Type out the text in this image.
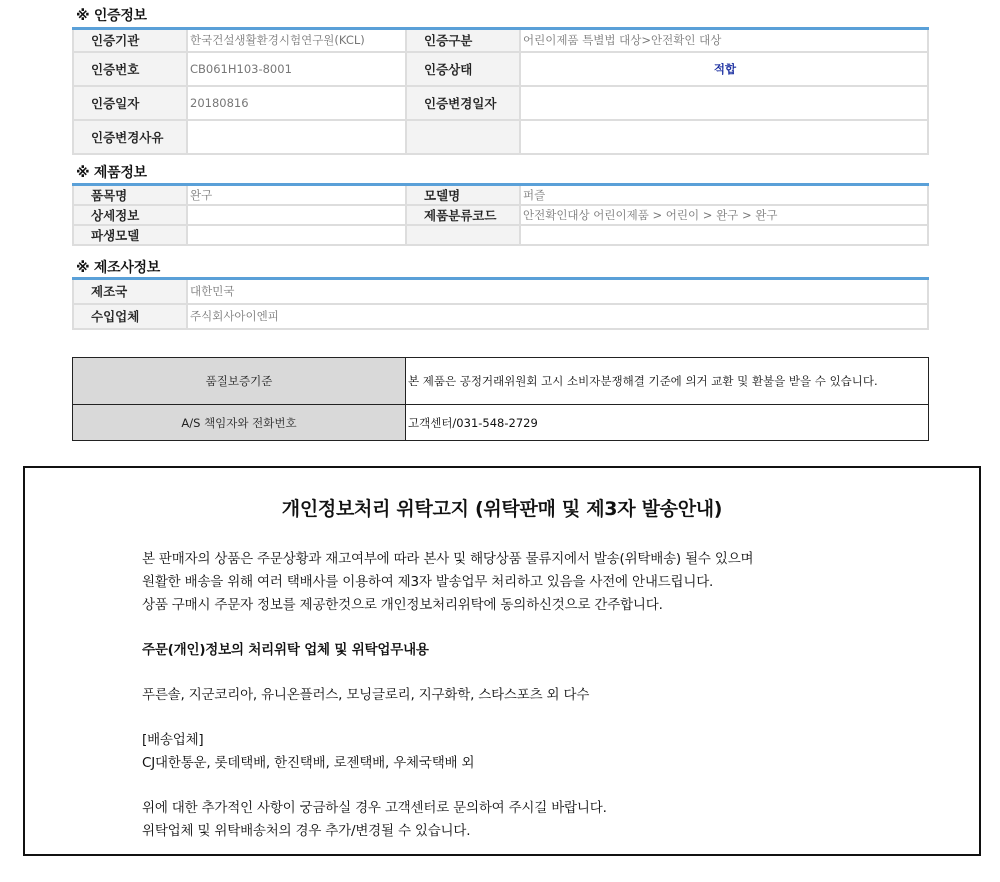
※ 인증정보
인증기관	한국건설생활환경시험연구원(KCL)	인증구분	어린이제품 특별법 대상>안전확인 대상
인증번호	CB061H103-8001	인증상태	적합
인증일자	20180816	인증변경일자	
인증변경사유			
※ 제품정보
품목명	완구	모델명	퍼즐
상세정보		제품분류코드	안전확인대상 어린이제품 > 어린이 > 완구 > 완구
파생모델			
※ 제조사정보
제조국	대한민국
수입업체	주식회사아이엔피
품질보증기준	본 제품은 공정거래위원회 고시 소비자분쟁해결 기준에 의거 교환 및 환불을 받을 수 있습니다.
A/S 책임자와 전화번호	고객센터/031-548-2729
개인정보처리 위탁고지 (위탁판매 및 제3자 발송안내)

본 판매자의 상품은 주문상황과 재고여부에 따라 본사 및 해당상품 물류지에서 발송(위탁배송) 될수 있으며

원활한 배송을 위해 여러 택배사를 이용하여 제3자 발송업무 처리하고 있음을 사전에 안내드립니다.

상품 구매시 주문자 정보를 제공한것으로 개인정보처리위탁에 동의하신것으로 간주합니다.

주문(개인)정보의 처리위탁 업체 및 위탁업무내용

푸른솔, 지군코리아, 유니온플러스, 모닝글로리, 지구화학, 스타스포츠 외 다수

[배송업체]

CJ대한통운, 롯데택배, 한진택배, 로젠택배, 우체국택배 외

위에 대한 추가적인 사항이 궁금하실 경우 고객센터로 문의하여 주시길 바랍니다.

위탁업체 및 위탁배송처의 경우 추가/변경될 수 있습니다.
